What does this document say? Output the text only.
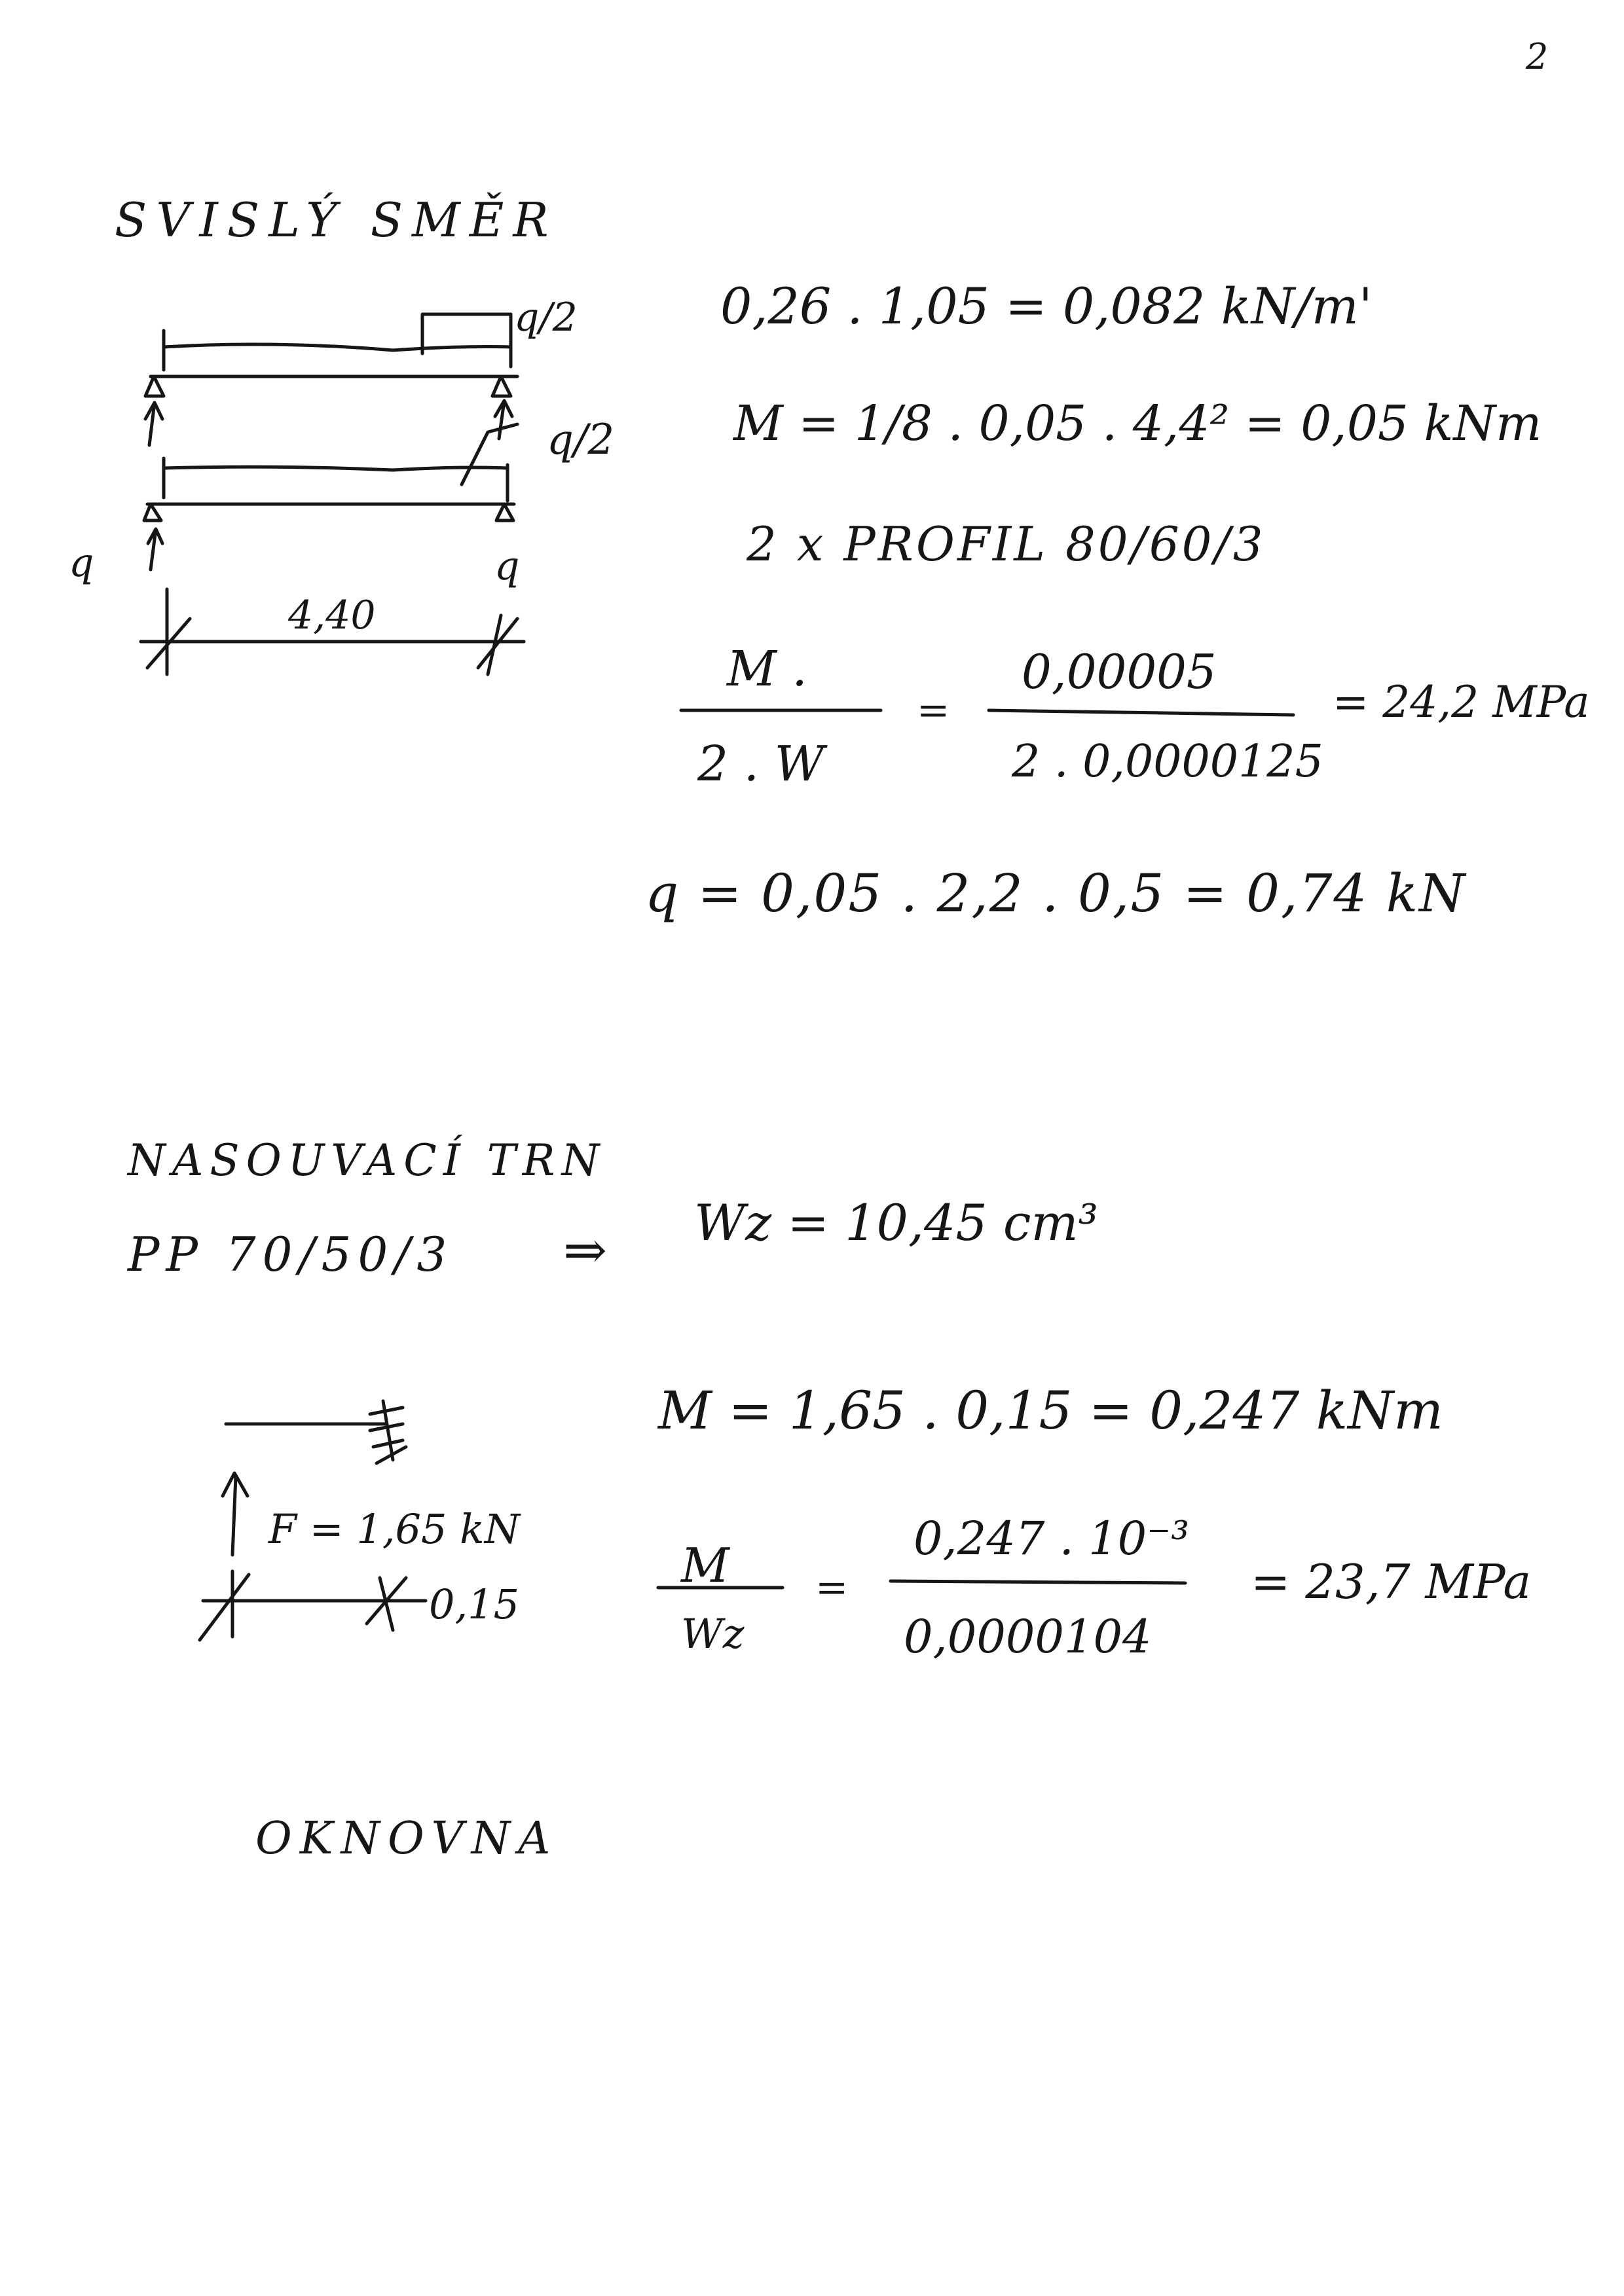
2

SVISLÝ SMĚR

q/2

q/2

q	q

4,40

0,26 . 1,05 = 0,082 kN/m'

M = 1/8 . 0,05 . 4,4² = 0,05 kNm

2 x PROFIL 80/60/3

M .

2 . W

=

0,00005

2 . 0,0000125

= 24,2 MPa

q = 0,05 . 2,2 . 0,5 = 0,74 kN

NASOUVACÍ TRN

PP 70/50/3 ⇒ Wz = 10,45 cm³

F = 1,65 kN

0,15

M = 1,65 . 0,15 = 0,247 kNm

M

Wz

=

0,247 . 10⁻³

0,0000104

= 23,7 MPa

OKNOVNA
